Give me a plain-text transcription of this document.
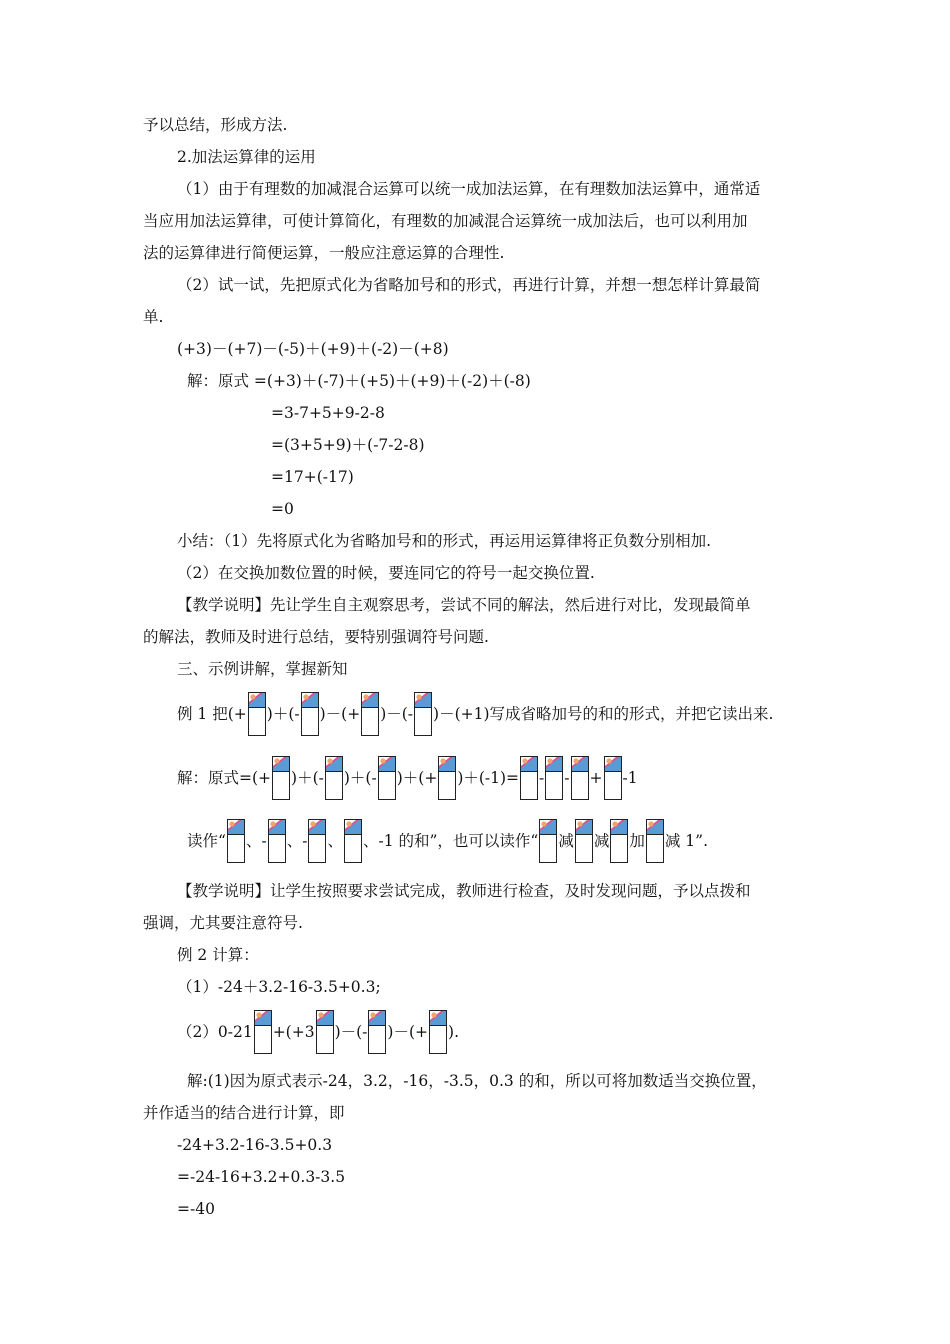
予以总结，形成方法.
2.加法运算律的运用
（1）由于有理数的加减混合运算可以统一成加法运算，在有理数加法运算中，通常适
当应用加法运算律，可使计算简化，有理数的加减混合运算统一成加法后，也可以利用加
法的运算律进行简便运算，一般应注意运算的合理性.
（2）试一试，先把原式化为省略加号和的形式，再进行计算，并想一想怎样计算最简
单.
(+3)－(+7)－(-5)＋(+9)＋(-2)－(+8)
解：原式 =(+3)＋(-7)＋(+5)＋(+9)＋(-2)＋(-8)
=3-7+5+9-2-8
=(3+5+9)＋(-7-2-8)
=17+(-17)
=0
小结：（1）先将原式化为省略加号和的形式，再运用运算律将正负数分别相加.
（2）在交换加数位置的时候，要连同它的符号一起交换位置.
【教学说明】先让学生自主观察思考，尝试不同的解法，然后进行对比，发现最简单
的解法，教师及时进行总结，要特别强调符号问题.
三、示例讲解，掌握新知
例 1 把(+ )＋(- )－(+ )－(- )－(+1)写成省略加号的和的形式，并把它读出来.
解：原式=(+ )＋(- )＋(- )＋(+ )＋(-1)= - - + -1
读作“ 、- 、- 、 、-1 的和”，也可以读作“ 减 减 加 减 1”.
【教学说明】让学生按照要求尝试完成，教师进行检查，及时发现问题，予以点拨和
强调，尤其要注意符号.
例 2 计算：
（1）-24＋3.2-16-3.5+0.3;
（2）0-21 +(+3 )－(- )－(+ ).
解:(1)因为原式表示-24，3.2，-16，-3.5，0.3 的和，所以可将加数适当交换位置，
并作适当的结合进行计算，即
-24+3.2-16-3.5+0.3
=-24-16+3.2+0.3-3.5
=-40
